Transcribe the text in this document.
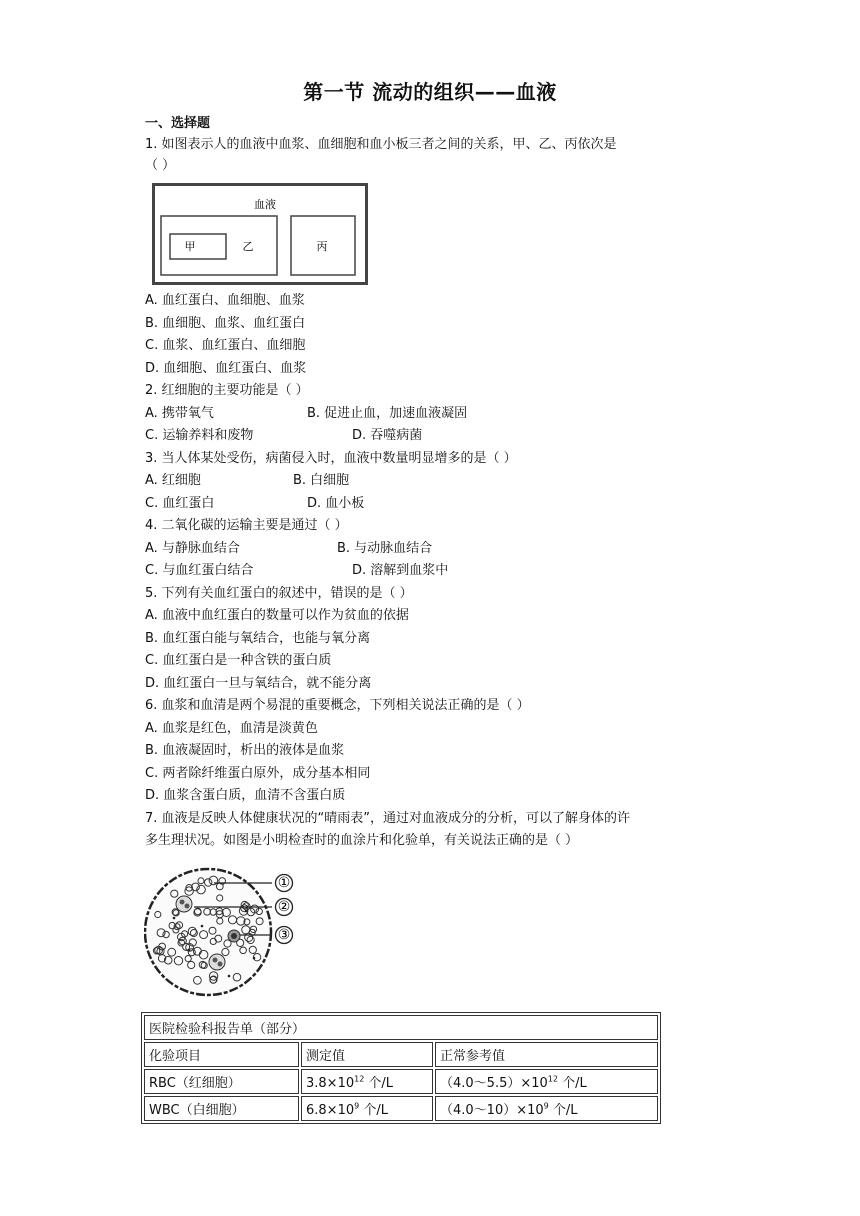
第一节 流动的组织——血液
一、选择题
1. 如图表示人的血液中血浆、血细胞和血小板三者之间的关系，甲、乙、丙依次是
（ ）
血液
甲	乙	丙
A. 血红蛋白、血细胞、血浆
B. 血细胞、血浆、血红蛋白
C. 血浆、血红蛋白、血细胞
D. 血细胞、血红蛋白、血浆
2. 红细胞的主要功能是（ ）
A. 携带氧气	B. 促进止血，加速血液凝固
C. 运输养料和废物	D. 吞噬病菌
3. 当人体某处受伤，病菌侵入时，血液中数量明显增多的是（ ）
A. 红细胞	B. 白细胞
C. 血红蛋白	D. 血小板
4. 二氧化碳的运输主要是通过（ ）
A. 与静脉血结合	B. 与动脉血结合
C. 与血红蛋白结合	D. 溶解到血浆中
5. 下列有关血红蛋白的叙述中，错误的是（ ）
A. 血液中血红蛋白的数量可以作为贫血的依据
B. 血红蛋白能与氧结合，也能与氧分离
C. 血红蛋白是一种含铁的蛋白质
D. 血红蛋白一旦与氧结合，就不能分离
6. 血浆和血清是两个易混的重要概念，下列相关说法正确的是（ ）
A. 血浆是红色，血清是淡黄色
B. 血液凝固时，析出的液体是血浆
C. 两者除纤维蛋白原外，成分基本相同
D. 血浆含蛋白质，血清不含蛋白质
7. 血液是反映人体健康状况的“晴雨表”，通过对血液成分的分析，可以了解身体的许
多生理状况。如图是小明检查时的血涂片和化验单，有关说法正确的是（ ）
①
②
③
医院检验科报告单（部分）		
化验项目	测定值	正常参考值
RBC（红细胞）	$3.8\times 10^{12}$ 个/L	$(4.0\sim 5.5)\times 10^{12}$ 个/L
WBC（白细胞）	$6.8\times 10^9$ 个/L	$(4.0\sim 10)\times 10^9$ 个/L
